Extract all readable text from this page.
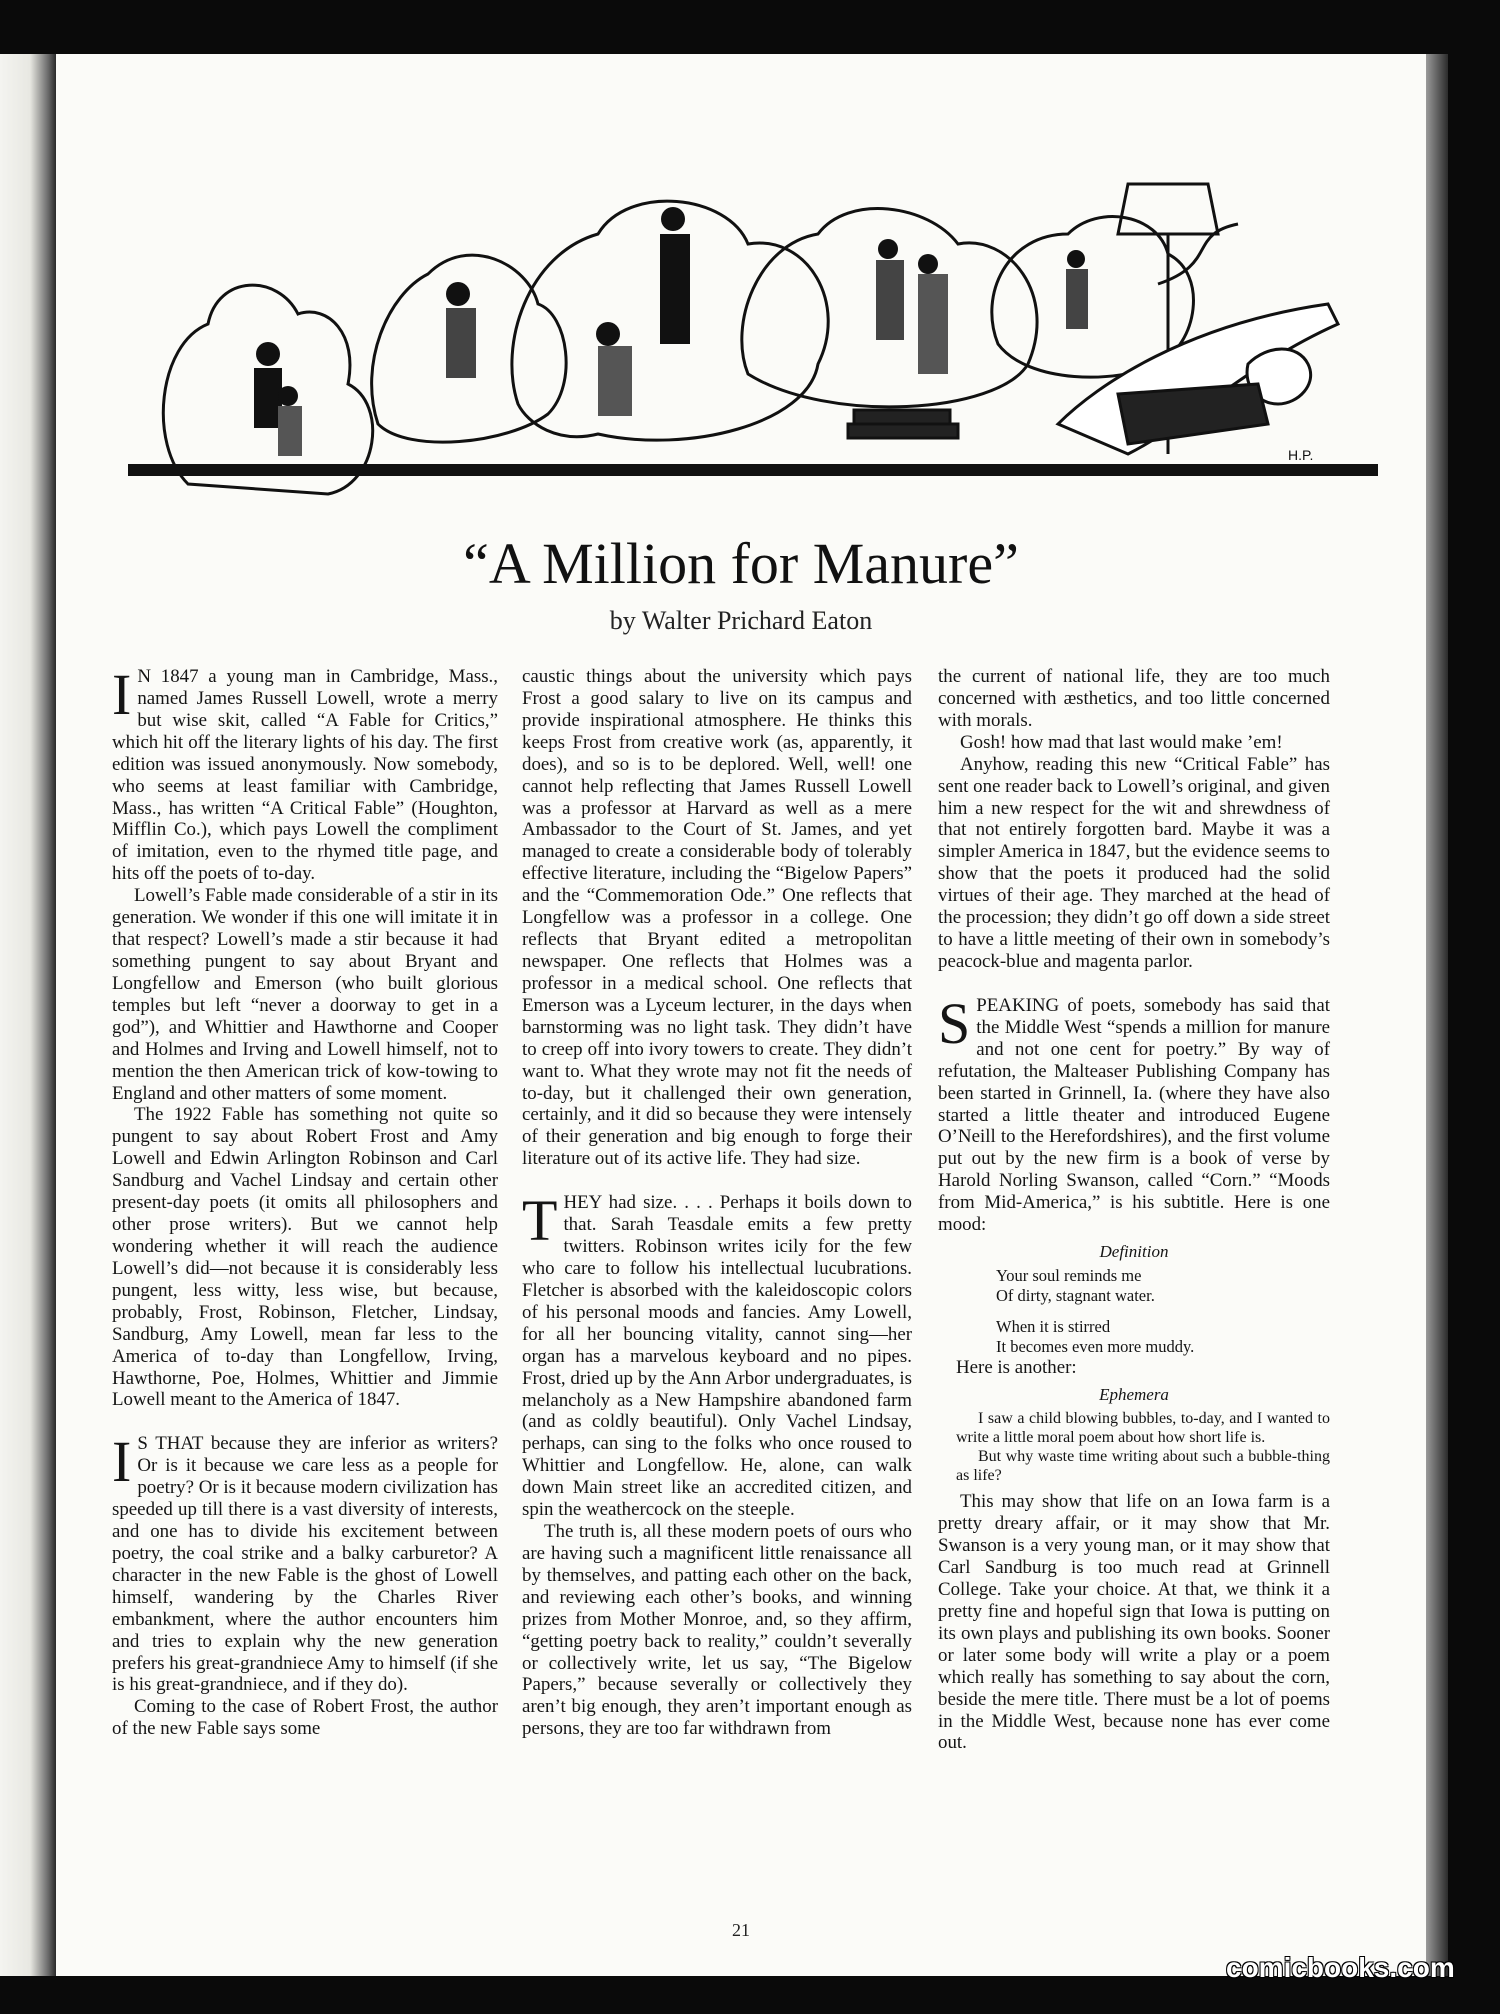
H.P.
“A Million for Manure”
by Walter Prichard Eaton

I N 1847 a young man in Cambridge, Mass., named James Russell Lowell, wrote a merry but wise skit, called “A Fable for Critics,” which hit off the literary lights of his day. The first edition was issued anonymously. Now somebody, who seems at least familiar with Cambridge, Mass., has written “A Critical Fable” (Houghton, Mifflin Co.), which pays Lowell the compliment of imitation, even to the rhymed title page, and hits off the poets of to-day.

Lowell’s Fable made considerable of a stir in its generation. We wonder if this one will imitate it in that respect? Lowell’s made a stir because it had something pungent to say about Bryant and Longfellow and Emerson (who built glorious temples but left “never a doorway to get in a god”), and Whittier and Hawthorne and Cooper and Holmes and Irving and Lowell himself, not to mention the then American trick of kow-towing to England and other matters of some moment.

The 1922 Fable has something not quite so pungent to say about Robert Frost and Amy Lowell and Edwin Arlington Robinson and Carl Sandburg and Vachel Lindsay and certain other present-day poets (it omits all philosophers and other prose writers). But we cannot help wondering whether it will reach the audience Lowell’s did—not because it is considerably less pungent, less witty, less wise, but because, probably, Frost, Robinson, Fletcher, Lindsay, Sandburg, Amy Lowell, mean far less to the America of to-day than Longfellow, Irving, Hawthorne, Poe, Holmes, Whittier and Jimmie Lowell meant to the America of 1847.

I S THAT because they are inferior as writers? Or is it because we care less as a people for poetry? Or is it because modern civilization has speeded up till there is a vast diversity of interests, and one has to divide his excitement between poetry, the coal strike and a balky carburetor? A character in the new Fable is the ghost of Lowell himself, wandering by the Charles River embankment, where the author encounters him and tries to explain why the new generation prefers his great-grandniece Amy to himself (if she is his great-grandniece, and if they do).

Coming to the case of Robert Frost, the author of the new Fable says some

caustic things about the university which pays Frost a good salary to live on its campus and provide inspirational atmosphere. He thinks this keeps Frost from creative work (as, apparently, it does), and so is to be deplored. Well, well! one cannot help reflecting that James Russell Lowell was a professor at Harvard as well as a mere Ambassador to the Court of St. James, and yet managed to create a considerable body of tolerably effective literature, including the “Bigelow Papers” and the “Commemoration Ode.” One reflects that Longfellow was a professor in a college. One reflects that Bryant edited a metropolitan newspaper. One reflects that Holmes was a professor in a medical school. One reflects that Emerson was a Lyceum lecturer, in the days when barnstorming was no light task. They didn’t have to creep off into ivory towers to create. They didn’t want to. What they wrote may not fit the needs of to-day, but it challenged their own generation, certainly, and it did so because they were intensely of their generation and big enough to forge their literature out of its active life. They had size.

THEY had size. . . . Perhaps it boils down to that. Sarah Teasdale emits a few pretty twitters. Robinson writes icily for the few who care to follow his intellectual lucubrations. Fletcher is absorbed with the kaleidoscopic colors of his personal moods and fancies. Amy Lowell, for all her bouncing vitality, cannot sing—her organ has a marvelous keyboard and no pipes. Frost, dried up by the Ann Arbor undergraduates, is melancholy as a New Hampshire abandoned farm (and as coldly beautiful). Only Vachel Lindsay, perhaps, can sing to the folks who once roused to Whittier and Longfellow. He, alone, can walk down Main street like an accredited citizen, and spin the weathercock on the steeple.

The truth is, all these modern poets of ours who are having such a magnificent little renaissance all by themselves, and patting each other on the back, and reviewing each other’s books, and winning prizes from Mother Monroe, and, so they affirm, “getting poetry back to reality,” couldn’t severally or collectively write, let us say, “The Bigelow Papers,” because severally or collectively they aren’t big enough, they aren’t important enough as persons, they are too far withdrawn from

the current of national life, they are too much concerned with æsthetics, and too little concerned with morals.

Gosh! how mad that last would make ’em!

Anyhow, reading this new “Critical Fable” has sent one reader back to Lowell’s original, and given him a new respect for the wit and shrewdness of that not entirely forgotten bard. Maybe it was a simpler America in 1847, but the evidence seems to show that the poets it produced had the solid virtues of their age. They marched at the head of the procession; they didn’t go off down a side street to have a little meeting of their own in somebody’s peacock-blue and magenta parlor.

SPEAKING of poets, somebody has said that the Middle West “spends a million for manure and not one cent for poetry.” By way of refutation, the Malteaser Publishing Company has been started in Grinnell, Ia. (where they have also started a little theater and introduced Eugene O’Neill to the Herefordshires), and the first volume put out by the new firm is a book of verse by Harold Norling Swanson, called “Corn.” “Moods from Mid-America,” is his subtitle. Here is one mood:

Definition
Your soul reminds me
Of dirty, stagnant water.
When it is stirred
It becomes even more muddy.

Here is another:

Ephemera

I saw a child blowing bubbles, to-day, and I wanted to write a little moral poem about how short life is.

But why waste time writing about such a bubble-thing as life?

This may show that life on an Iowa farm is a pretty dreary affair, or it may show that Mr. Swanson is a very young man, or it may show that Carl Sandburg is too much read at Grinnell College. Take your choice. At that, we think it a pretty fine and hopeful sign that Iowa is putting on its own plays and publishing its own books. Sooner or later some body will write a play or a poem which really has something to say about the corn, beside the mere title. There must be a lot of poems in the Middle West, because none has ever come out.

21
comicbooks.com
